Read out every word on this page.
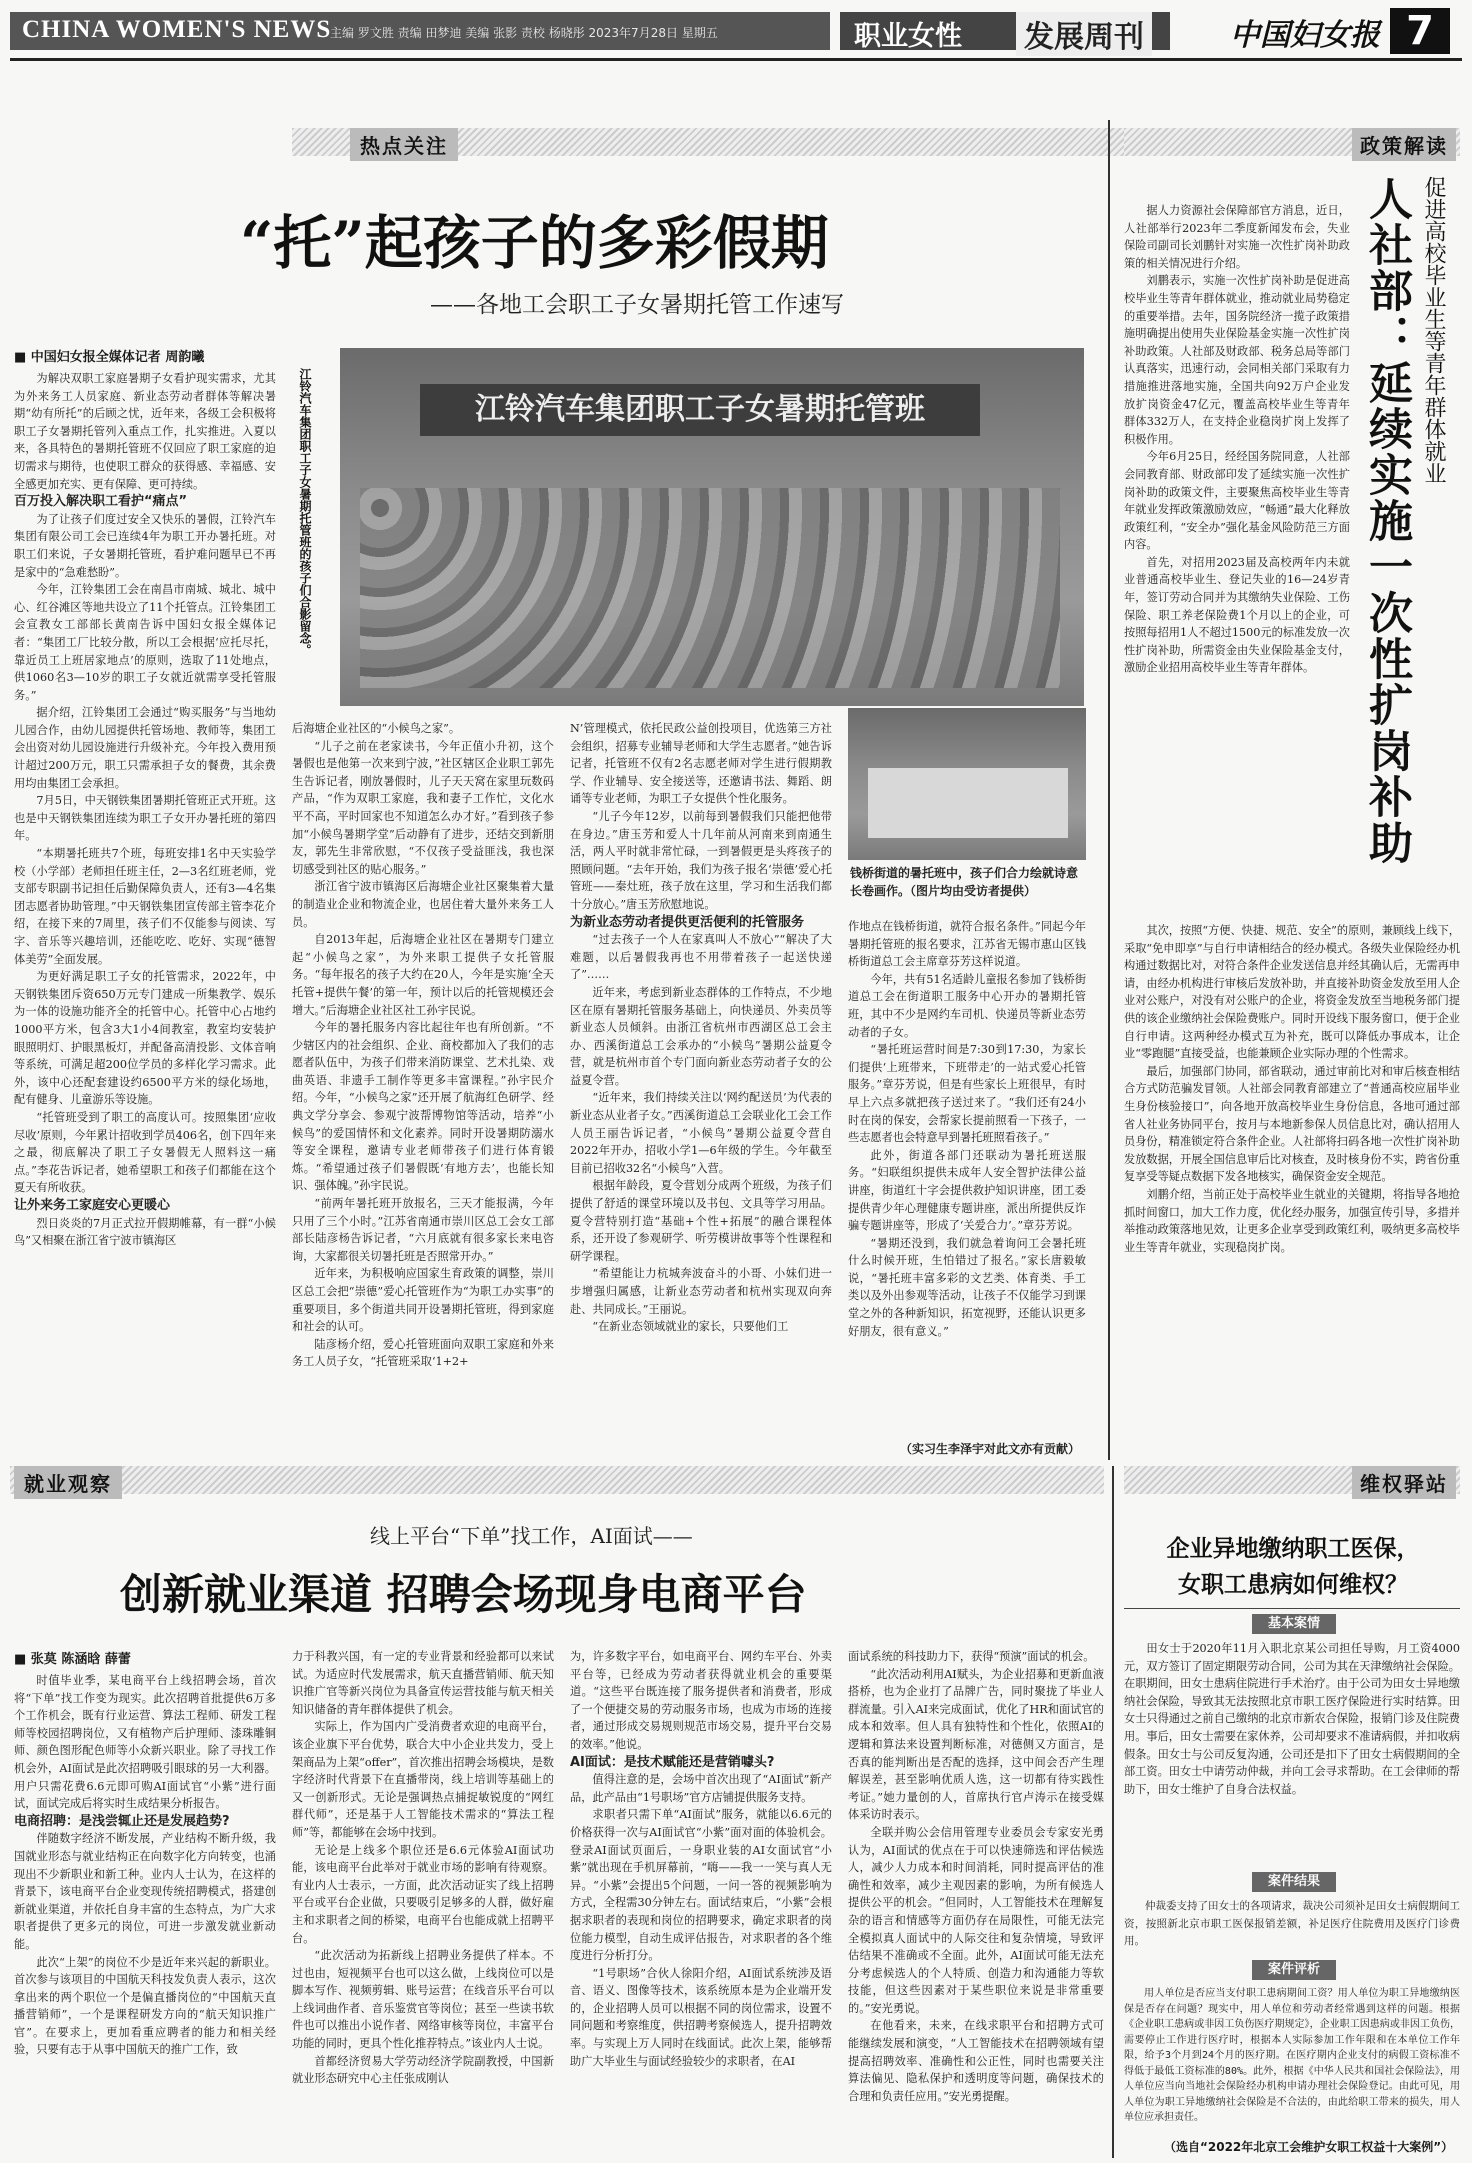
CHINA WOMEN'S NEWS
主编 罗文胜 责编 田梦迪 美编 张影 责校 杨晓彤 2023年7月28日 星期五	职业女性 发展周刊	中国妇女报 7
热点关注
“托”起孩子的多彩假期
——各地工会职工子女暑期托管工作速写
■ 中国妇女报全媒体记者 周韵曦
江铃汽车集团职工子女暑期托管班
江铃汽车集团职工子女暑期托管班的孩子们合影留念。

为解决双职工家庭暑期子女看护现实需求，尤其为外来务工人员家庭、新业态劳动者群体等解决暑期“幼有所托”的后顾之忧，近年来，各级工会积极将职工子女暑期托管列入重点工作，扎实推进。入夏以来，各具特色的暑期托管班不仅回应了职工家庭的迫切需求与期待，也使职工群众的获得感、幸福感、安全感更加充实、更有保障、更可持续。

百万投入解决职工看护“痛点”

为了让孩子们度过安全又快乐的暑假，江铃汽车集团有限公司工会已连续4年为职工开办暑托班。对职工们来说，子女暑期托管班，看护难问题早已不再是家中的“急难愁盼”。

今年，江铃集团工会在南昌市南城、城北、城中心、红谷滩区等地共设立了11个托管点。江铃集团工会宣教女工部部长黄南告诉中国妇女报全媒体记者：“集团工厂比较分散，所以工会根据‘应托尽托，靠近员工上班居家地点’的原则，选取了11处地点，供1060名3—10岁的职工子女就近就需享受托管服务。”

据介绍，江铃集团工会通过“购买服务”与当地幼儿园合作，由幼儿园提供托管场地、教师等，集团工会出资对幼儿园设施进行升级补充。今年投入费用预计超过200万元，职工只需承担子女的餐费，其余费用均由集团工会承担。

7月5日，中天钢铁集团暑期托管班正式开班。这也是中天钢铁集团连续为职工子女开办暑托班的第四年。

“本期暑托班共7个班，每班安排1名中天实验学校（小学部）老师担任班主任，2—3名红班老师，党支部专职副书记担任后勤保障负责人，还有3—4名集团志愿者协助管理。”中天钢铁集团宣传部主管李花介绍，在接下来的7周里，孩子们不仅能参与阅读、写字、音乐等兴趣培训，还能吃吃、吃好、实现“德智体美劳”全面发展。

为更好满足职工子女的托管需求，2022年，中天钢铁集团斥资650万元专门建成一所集教学、娱乐为一体的设施功能齐全的托管中心。托管中心占地约1000平方米，包含3大1小4间教室，教室均安装护眼照明灯、护眼黑板灯，并配备高清投影、文体音响等系统，可满足超200位学员的多样化学习需求。此外，该中心还配套建设约6500平方米的绿化场地，配有健身、儿童游乐等设施。

“托管班受到了职工的高度认可。按照集团‘应收尽收’原则，今年累计招收到学员406名，创下四年来之最，彻底解决了职工子女暑假无人照料这一痛点。”李花告诉记者，她希望职工和孩子们都能在这个夏天有所收获。

让外来务工家庭安心更暖心

烈日炎炎的7月正式拉开假期帷幕，有一群“小候鸟”又相聚在浙江省宁波市镇海区

后海塘企业社区的“小候鸟之家”。

“儿子之前在老家读书，今年正值小升初，这个暑假也是他第一次来到宁波，”社区辖区企业职工郭先生告诉记者，刚放暑假时，儿子天天窝在家里玩数码产品，“作为双职工家庭，我和妻子工作忙，文化水平不高，平时回家也不知道怎么办才好。”看到孩子参加“小候鸟暑期学堂”后动静有了进步，还结交到新朋友，郭先生非常欣慰，“不仅孩子受益匪浅，我也深切感受到社区的贴心服务。”

浙江省宁波市镇海区后海塘企业社区聚集着大量的制造业企业和物流企业，也居住着大量外来务工人员。

自2013年起，后海塘企业社区在暑期专门建立起“小候鸟之家”，为外来职工提供子女托管服务。“每年报名的孩子大约在20人，今年是实施‘全天托管+提供午餐’的第一年，预计以后的托管规模还会增大。”后海塘企业社区社工孙宇民说。

今年的暑托服务内容比起往年也有所创新。“不少辖区内的社会组织、企业、商校都加入了我们的志愿者队伍中，为孩子们带来消防课堂、艺术扎染、戏曲英语、非遗手工制作等更多丰富课程。”孙宇民介绍。今年，“小候鸟之家”还开展了航海红色研学、经典文学分享会、参观宁波帮博物馆等活动，培养“小候鸟”的爱国情怀和文化素养。同时开设暑期防溺水等安全课程，邀请专业老师带孩子们进行体育锻炼。“希望通过孩子们暑假既‘有地方去’，也能长知识、强体魄。”孙宇民说。

“前两年暑托班开放报名，三天才能报满，今年只用了三个小时。”江苏省南通市崇川区总工会女工部部长陆彦杨告诉记者，“六月底就有很多家长来电咨询，大家都很关切暑托班是否照常开办。”

近年来，为积极响应国家生育政策的调整，崇川区总工会把“崇德”爱心托管班作为“为职工办实事”的重要项目，多个街道共同开设暑期托管班，得到家庭和社会的认可。

陆彦杨介绍，爱心托管班面向双职工家庭和外来务工人员子女，“托管班采取‘1+2+

N’管理模式，依托民政公益创投项目，优选第三方社会组织，招募专业辅导老师和大学生志愿者。”她告诉记者，托管班不仅有2名志愿老师对学生进行假期教学、作业辅导、安全接送等，还邀请书法、舞蹈、朗诵等专业老师，为职工子女提供个性化服务。

“儿子今年12岁，以前每到暑假我们只能把他带在身边。”唐玉芳和爱人十几年前从河南来到南通生活，两人平时就非常忙碌，一到暑假更是头疼孩子的照顾问题。“去年开始，我们为孩子报名‘崇德’爱心托管班——秦灶班，孩子放在这里，学习和生活我们都十分放心。”唐玉芳欣慰地说。

为新业态劳动者提供更活便利的托管服务

“过去孩子一个人在家真叫人不放心”“解决了大难题，以后暑假我再也不用带着孩子一起送快递了”……

近年来，考虑到新业态群体的工作特点，不少地区在原有暑期托管服务基础上，向快递员、外卖员等新业态人员倾斜。由浙江省杭州市西湖区总工会主办、西溪街道总工会承办的“小候鸟”暑期公益夏令营，就是杭州市首个专门面向新业态劳动者子女的公益夏令营。

“近年来，我们持续关注以‘网约配送员’为代表的新业态从业者子女。”西溪街道总工会联业化工会工作人员王丽告诉记者，“小候鸟”暑期公益夏令营自2022年开办，招收小学1—6年级的学生。今年截至目前已招收32名“小候鸟”入营。

根据年龄段，夏令营划分成两个班级，为孩子们提供了舒适的课堂环境以及书包、文具等学习用品。夏令营特别打造“基础+个性+拓展”的融合课程体系，还开设了参观研学、听劳模讲故事等个性课程和研学课程。

“希望能让力杭城奔波奋斗的小哥、小妹们进一步增强归属感，让新业态劳动者和杭州实现双向奔赴、共同成长。”王丽说。

“在新业态领域就业的家长，只要他们工

钱桥街道的暑托班中，孩子们合力绘就诗意长卷画作。（图片均由受访者提供）

作地点在钱桥街道，就符合报名条件。”同起今年暑期托管班的报名要求，江苏省无锡市惠山区钱桥街道总工会主席章芬芳这样说道。

今年，共有51名适龄儿童报名参加了钱桥街道总工会在街道职工服务中心开办的暑期托管班，其中不少是网约车司机、快递员等新业态劳动者的子女。

“暑托班运营时间是7:30到17:30，为家长们提供‘上班带来，下班带走’的一站式爱心托管服务。”章芬芳说，但是有些家长上班很早，有时早上六点多就把孩子送过来了。“我们还有24小时在岗的保安，会帮家长提前照看一下孩子，一些志愿者也会特意早到暑托班照看孩子。”

此外，街道各部门还联动为暑托班送服务。“妇联组织提供未成年人安全智护法律公益讲座，街道红十字会提供救护知识讲座，团工委提供青少年心理健康专题讲座，派出所提供反诈骗专题讲座等，形成了‘关爱合力’。”章芬芳说。

“暑期还没到，我们就急着询问工会暑托班什么时候开班，生怕错过了报名。”家长唐毅敏说，“暑托班丰富多彩的文艺类、体育类、手工类以及外出参观等活动，让孩子不仅能学习到课堂之外的各种新知识，拓宽视野，还能认识更多好朋友，很有意义。”

（实习生李泽宇对此文亦有贡献）
政策解读
促进高校毕业生等青年群体就业
人社部：延续实施一次性扩岗补助

据人力资源社会保障部官方消息，近日，人社部举行2023年二季度新闻发布会，失业保险司副司长刘鹏针对实施一次性扩岗补助政策的相关情况进行介绍。

刘鹏表示，实施一次性扩岗补助是促进高校毕业生等青年群体就业，推动就业局势稳定的重要举措。去年，国务院经济一揽子政策措施明确提出使用失业保险基金实施一次性扩岗补助政策。人社部及财政部、税务总局等部门认真落实，迅速行动，会同相关部门采取有力措施推进落地实施，全国共向92万户企业发放扩岗资金47亿元，覆盖高校毕业生等青年群体332万人，在支持企业稳岗扩岗上发挥了积极作用。

今年6月25日，经经国务院同意，人社部会同教育部、财政部印发了延续实施一次性扩岗补助的政策文件，主要聚焦高校毕业生等青年就业发挥政策激励效应，“畅通”最大化释放政策红利，“安全办”强化基金风险防范三方面内容。

首先，对招用2023届及高校两年内未就业普通高校毕业生、登记失业的16—24岁青年，签订劳动合同并为其缴纳失业保险、工伤保险、职工养老保险费1个月以上的企业，可按照每招用1人不超过1500元的标准发放一次性扩岗补助，所需资金由失业保险基金支付，激励企业招用高校毕业生等青年群体。

其次，按照“方便、快捷、规范、安全”的原则，兼顾线上线下，采取“免申即享”与自行申请相结合的经办模式。各级失业保险经办机构通过数据比对，对符合条件企业发送信息并经其确认后，无需再申请，由经办机构进行审核后发放补助，并直接补助资金发放至用人企业对公账户，对没有对公账户的企业，将资金发放至当地税务部门提供的该企业缴纳社会保险费账户。同时开设线下服务窗口，便于企业自行申请。这两种经办模式互为补充，既可以降低办事成本，让企业“零跑腿”直接受益，也能兼顾企业实际办理的个性需求。

最后，加强部门协同，部省联动，通过审前比对和审后核查相结合方式防范骗发冒领。人社部会同教育部建立了“普通高校应届毕业生身份核验接口”，向各地开放高校毕业生身份信息，各地可通过部省人社业务协同平台，按月与本地新参保人员信息比对，确认招用人员身份，精准锁定符合条件企业。人社部将扫码各地一次性扩岗补助发放数据，开展全国信息审后比对核查，及时核身份不实，跨省份重复享受等疑点数据下发各地核实，确保资金安全规范。

刘鹏介绍，当前正处于高校毕业生就业的关键期，将指导各地抢抓时间窗口，加大工作力度，优化经办服务，加强宣传引导，多措并举推动政策落地见效，让更多企业享受到政策红利，吸纳更多高校毕业生等青年就业，实现稳岗扩岗。

维权驿站
企业异地缴纳职工医保，
女职工患病如何维权？
基本案情

田女士于2020年11月入职北京某公司担任导购，月工资4000元，双方签订了固定期限劳动合同，公司为其在天津缴纳社会保险。在职期间，田女士患病住院进行手术治疗。由于公司为田女士异地缴纳社会保险，导致其无法按照北京市职工医疗保险进行实时结算。田女士只得通过之前自己缴纳的北京市新农合保险，报销门诊及住院费用。事后，田女士需要在家休养，公司却要求不准请病假，并扣收病假条。田女士与公司反复沟通，公司还是扣下了田女士病假期间的全部工资。田女士中请劳动仲裁，并向工会寻求帮助。在工会律师的帮助下，田女士维护了自身合法权益。

案件结果

仲裁委支持了田女士的各项请求，裁决公司须补足田女士病假期间工资，按照新北京市职工医保报销差额，补足医疗住院费用及医疗门诊费用。

案件评析

用人单位是否应当支付职工患病期间工资？用人单位为职工异地缴纳医保是否存在问题？现实中，用人单位和劳动者经常遇到这样的问题。根据《企业职工患病或非因工负伤医疗期规定》，企业职工因患病或非因工负伤，需要停止工作进行医疗时，根据本人实际参加工作年限和在本单位工作年限，给予3个月到24个月的医疗期。在医疗期内企业支付的病假工资标准不得低于最低工资标准的80%。此外，根据《中华人民共和国社会保险法》，用人单位应当向当地社会保险经办机构申请办理社会保险登记。由此可见，用人单位为职工异地缴纳社会保险是不合法的，由此给职工带来的损失，用人单位应承担责任。

（选自“2022年北京工会维护女职工权益十大案例”）
就业观察
线上平台“下单”找工作，AI面试——
创新就业渠道 招聘会场现身电商平台
■ 张莫 陈涵晗 薛蕾

时值毕业季，某电商平台上线招聘会场，首次将“下单”找工作变为现实。此次招聘首批提供6万多个工作机会，既有行业运营、算法工程师、研发工程师等校园招聘岗位，又有植物产后护理师、漆珠雕铜师、颜色图形配色师等小众新兴职业。除了寻找工作机会外，AI面试是此次招聘吸引眼球的另一大利器。用户只需花费6.6元即可购AI面试官“小紫”进行面试，面试完成后将实时生成结果分析报告。

电商招聘：是浅尝辄止还是发展趋势?

伴随数字经济不断发展，产业结构不断升级，我国就业形态与就业结构正在向数字化方向转变，也涌现出不少新职业和新工种。业内人士认为，在这样的背景下，该电商平台企业变现传统招聘模式，搭建创新就业渠道，并依托自身丰富的生态特点，为广大求职者提供了更多元的岗位，可进一步激发就业新动能。

此次“上架”的岗位不少是近年来兴起的新职业。首次参与该项目的中国航天科技发负责人表示，这次拿出来的两个职位一个是偏直播岗位的“中国航天直播营销师”，一个是课程研发方向的“航天知识推广官”。在要求上，更加看重应聘者的能力和相关经验，只要有志于从事中国航天的推广工作，致

力于科教兴国，有一定的专业背景和经验都可以来试试。为适应时代发展需求，航天直播营销师、航天知识推广官等新兴岗位为具备宣传运营技能与航天相关知识储备的青年群体提供了机会。

实际上，作为国内广受消费者欢迎的电商平台，该企业旗下平台优势，联合大中小企业共发力，受上架商品为上架“offer”，首次推出招聘会场模块，是数字经济时代背景下在直播带岗，线上培训等基础上的又一创新形式。无论是强调热点捕捉敏锐度的“网红群代师”，还是基于人工智能技术需求的“算法工程师”等，都能够在会场中找到。

无论是上线多个职位还是6.6元体验AI面试功能，该电商平台此举对于就业市场的影响有待观察。有业内人士表示，一方面，此次活动证实了线上招聘平台或平台企业做，只要吸引足够多的人群，做好雇主和求职者之间的桥梁，电商平台也能成就上招聘平台。

“此次活动为拓新线上招聘业务提供了样本。不过也由，短视频平台也可以这么做，上线岗位可以是脚本写作、视频剪辑、账号运营；在线音乐平台可以上线词曲作者、音乐鉴赏官等岗位；甚至一些读书软件也可以推出小说作者、网络审核等岗位，丰富平台功能的同时，更具个性化推荐特点。”该业内人士说。

首都经济贸易大学劳动经济学院副教授，中国新就业形态研究中心主任张成刚认

为，许多数字平台，如电商平台、网约车平台、外卖平台等，已经成为劳动者获得就业机会的重要渠道。“这些平台既连接了服务提供者和消费者，形成了一个便捷交易的劳动服务市场，也成为市场的连接者，通过形成交易规则规范市场交易，提升平台交易的效率。”他说。

AI面试：是技术赋能还是营销噱头?

值得注意的是，会场中首次出现了“AI面试”新产品，此产品由“1号职场”官方店铺提供服务支持。

求职者只需下单“AI面试”服务，就能以6.6元的价格获得一次与AI面试官“小紫”面对面的体验机会。登录AI面试页面后，一身职业装的AI女面试官“小紫”就出现在手机屏幕前，“嗨——我一一笑与真人无异。“小紫”会提出5个问题，一问一答的视频影响为方式，全程需30分钟左右。面试结束后，“小紫”会根据求职者的表现和岗位的招聘要求，确定求职者的岗位能力模型，自动生成评估报告，对求职者的各个维度进行分析打分。

“1号职场”合伙人徐阳介绍，AI面试系统涉及语音、语义、图像等技术，该系统原本是为企业端开发的，企业招聘人员可以根据不同的岗位需求，设置不同问题和考察维度，供招聘考察候选人，提升招聘效率。与实现上万人同时在线面试。此次上架，能够帮助广大毕业生与面试经验较少的求职者，在AI

面试系统的科技助力下，获得“预演”面试的机会。

“此次活动利用AI赋头，为企业招募和更新血液搭桥，也为企业打了品牌广告，同时聚拢了毕业人群流量。引入AI来完成面试，优化了HR和面试官的成本和效率。但人具有独特性和个性化，依照AI的逻辑和算法来设置判断标准，对德侧又方面言，是否真的能判断出是否配的选择，这中间会否产生理解误差，甚至影响优质人选，这一切都有待实践性考证。”她力量创的人，首席执行官卢涛示在接受媒体采访时表示。

全联并购公会信用管理专业委员会专家安光勇认为，AI面试的优点在于可以快速筛选和评估候选人，减少人力成本和时间消耗，同时提高评估的准确性和效率，减少主观因素的影响，为所有候选人提供公平的机会。“但同时，人工智能技术在理解复杂的语言和情感等方面仍存在局限性，可能无法完全模拟真人面试中的人际交往和复杂情境，导致评估结果不准确或不全面。此外，AI面试可能无法充分考虑候选人的个人特质、创造力和沟通能力等软技能，但这些因素对于某些职位来说是非常重要的。”安光勇说。

在他看来，未来，在线求职平台和招聘方式可能继续发展和演变，“人工智能技术在招聘领域有望提高招聘效率、准确性和公正性，同时也需要关注算法偏见、隐私保护和透明度等问题，确保技术的合理和负责任应用。”安光勇提醒。
